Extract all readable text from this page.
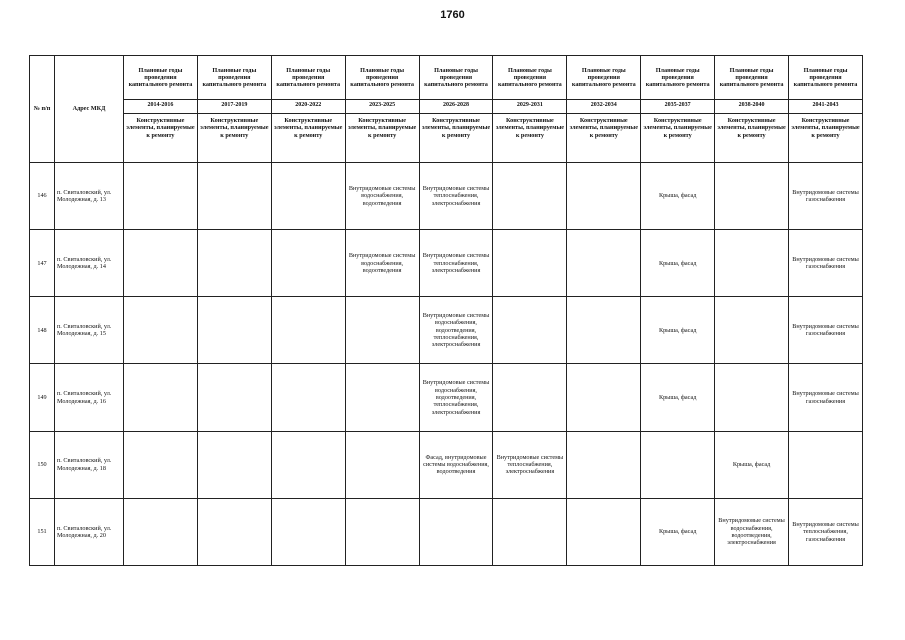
1760
№ п/п	Адрес МКД	Плановые годы проведения капитального ремонта	Плановые годы проведения капитального ремонта	Плановые годы проведения капитального ремонта	Плановые годы проведения капитального ремонта	Плановые годы проведения капитального ремонта	Плановые годы проведения капитального ремонта	Плановые годы проведения капитального ремонта	Плановые годы проведения капитального ремонта	Плановые годы проведения капитального ремонта	Плановые годы проведения капитального ремонта
		2014-2016	2017-2019	2020-2022	2023-2025	2026-2028	2029-2031	2032-2034	2035-2037	2038-2040	2041-2043
		Конструктивные элементы, планируемые к ремонту	Конструктивные элементы, планируемые к ремонту	Конструктивные элементы, планируемые к ремонту	Конструктивные элементы, планируемые к ремонту	Конструктивные элементы, планируемые к ремонту	Конструктивные элементы, планируемые к ремонту	Конструктивные элементы, планируемые к ремонту	Конструктивные элементы, планируемые к ремонту	Конструктивные элементы, планируемые к ремонту	Конструктивные элементы, планируемые к ремонту
146	п. Свиталовский, ул. Молодежная, д. 13				Внутридомовые системы водоснабжения, водоотведения	Внутридомовые системы теплоснабжения, электроснабжения			Крыша, фасад		Внутридомовые системы газоснабжения
147	п. Свиталовский, ул. Молодежная, д. 14				Внутридомовые системы водоснабжения, водоотведения	Внутридомовые системы теплоснабжения, электроснабжения			Крыша, фасад		Внутридомовые системы газоснабжения
148	п. Свиталовский, ул. Молодежная, д. 15					Внутридомовые системы водоснабжения, водоотведения, теплоснабжения, электроснабжения			Крыша, фасад		Внутридомовые системы газоснабжения
149	п. Свиталовский, ул. Молодежная, д. 16					Внутридомовые системы водоснабжения, водоотведения, теплоснабжения, электроснабжения			Крыша, фасад		Внутридомовые системы газоснабжения
150	п. Свиталовский, ул. Молодежная, д. 18					Фасад, внутридомовые системы водоснабжения, водоотведения	Внутридомовые системы теплоснабжения, электроснабжения			Крыша, фасад	
151	п. Свиталовский, ул. Молодежная, д. 20								Крыша, фасад	Внутридомовые системы водоснабжения, водоотведения, электроснабжения	Внутридомовые системы теплоснабжения, газоснабжения
